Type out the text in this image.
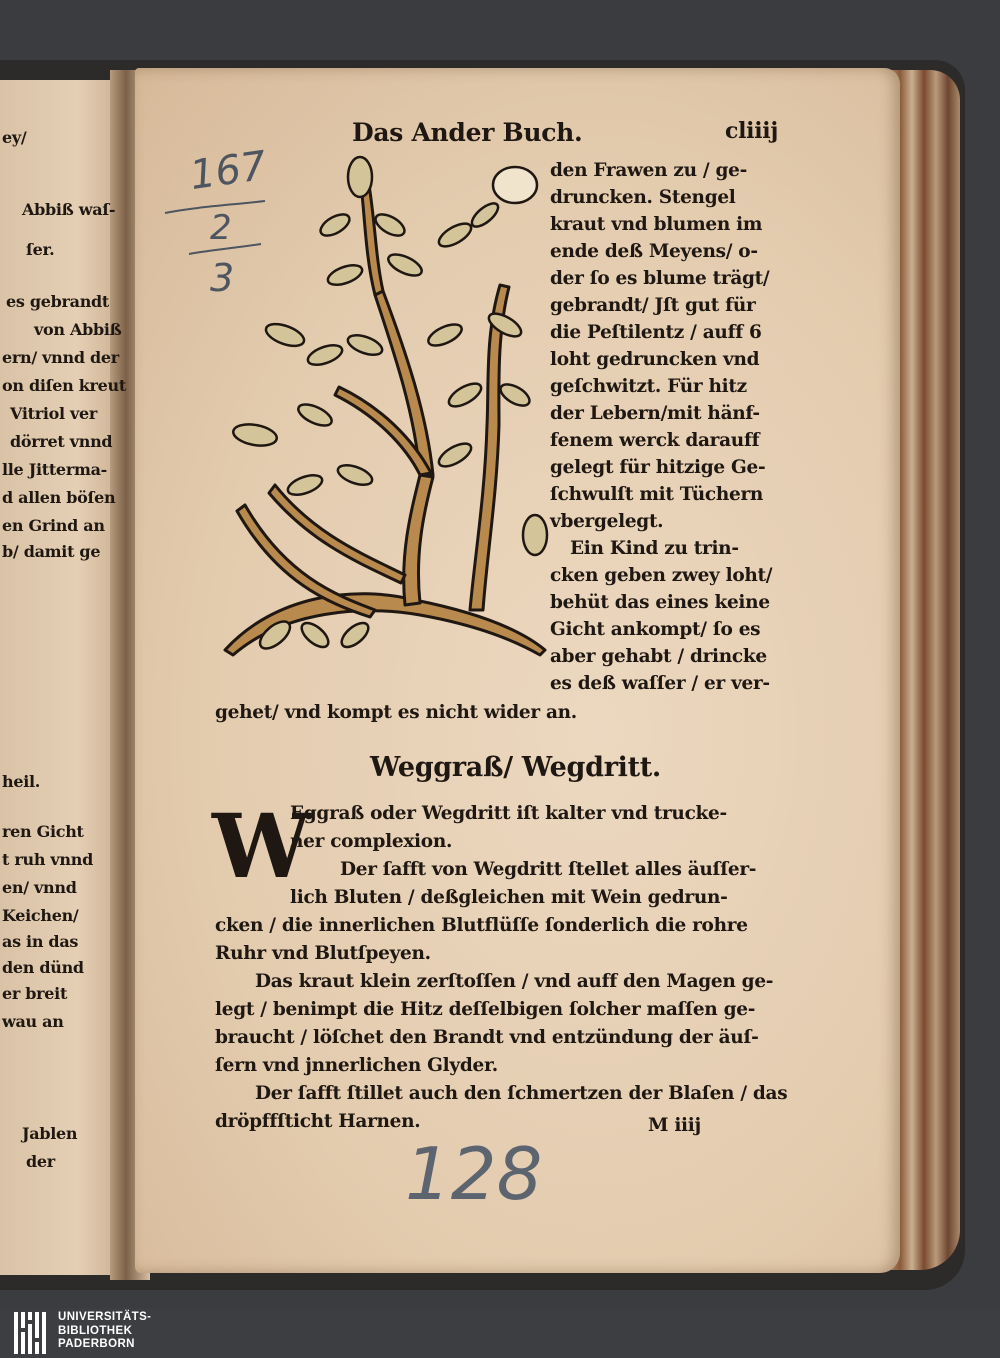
ey/
Abbiß waſ-
ſer.
es gebrandt
von Abbiß
ern/ vnnd der
on diſen kreut
Vitriol ver
dörret vnnd
lle Jitterma-
d allen böſen
en Grind an
b/ damit ge
heil.
ren Gicht
t ruh vnnd
en/ vnnd
Keichen/
as in das
den dünd
er breit
wau an
Jablen
der
Das Ander Buch.	cliiij
167
2
3
den Frawen zu / ge-
druncken. Stengel
kraut vnd blumen im
ende deß Meyens/ o-
der ſo es blume trägt/
gebrandt/ Jſt gut für
die Peſtilentz / auff 6
loht gedruncken vnd
geſchwitzt. Für hitz
der Lebern/mit hänf-
fenem werck darauff
gelegt für hitzige Ge-
ſchwulſt mit Tüchern
vbergelegt.
Ein Kind zu trin-
cken geben zwey loht/
behüt das eines keine
Gicht ankompt/ ſo es
aber gehabt / drincke
es deß waſſer / er ver-
gehet/ vnd kompt es nicht wider an.
Weggraß/ Wegdritt.
W
Eggraß oder Wegdritt iſt kalter vnd trucke-
ner complexion.
Der ſafft von Wegdritt ſtellet alles äuſſer-
lich Bluten / deßgleichen mit Wein gedrun-
cken / die innerlichen Blutflüſſe ſonderlich die rohre
Ruhr vnd Blutſpeyen.
Das kraut klein zerſtoſſen / vnd auff den Magen ge-
legt / benimpt die Hitz deſſelbigen ſolcher maſſen ge-
braucht / löſchet den Brandt vnd entzündung der äuſ-
ſern vnd jnnerlichen Glyder.
Der ſafft ſtillet auch den ſchmertzen der Blaſen / das
dröpffſticht Harnen.	M iiij
128
UNIVERSITÄTS-
BIBLIOTHEK
PADERBORN
